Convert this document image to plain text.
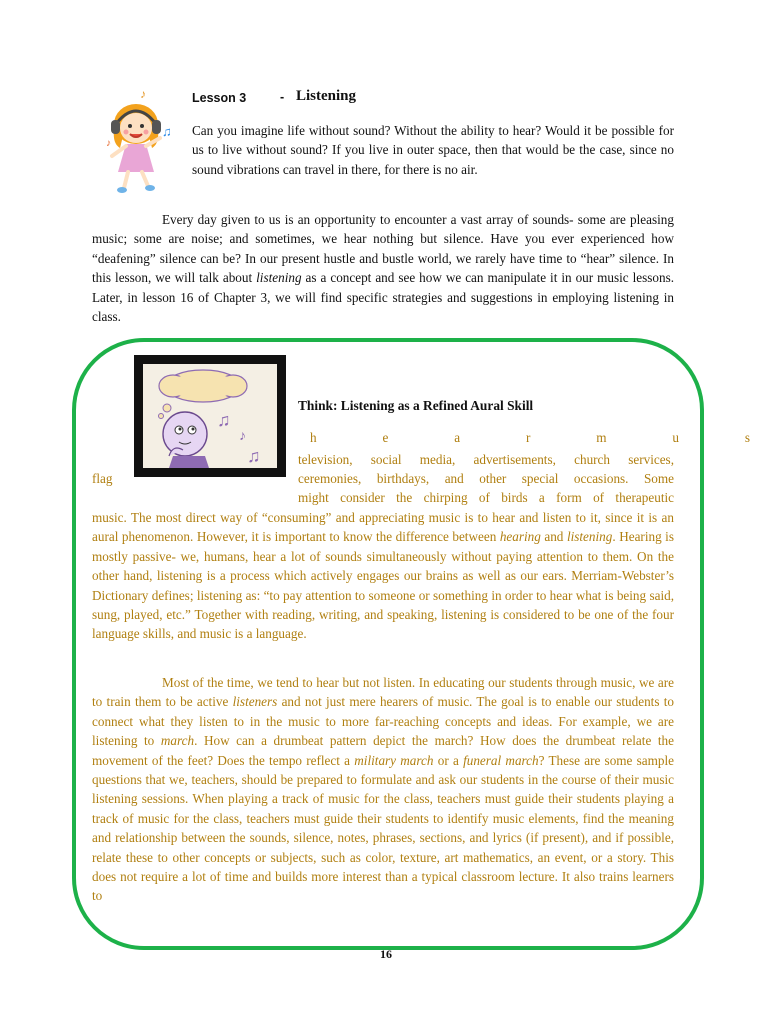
♪
♫
♪
Lesson 3	- Listening

Can you imagine life without sound? Without the ability to hear? Would it be possible for us to live without sound? If you live in outer space, then that would be the case, since no sound vibrations can travel in there, for there is no air.

Every day given to us is an opportunity to encounter a vast array of sounds- some are pleasing music; some are noise; and sometimes, we hear nothing but silence. Have you ever experienced how “deafening” silence can be? In our present hustle and bustle world, we rarely have time to “hear” silence. In this lesson, we will talk about listening as a concept and see how we can manipulate it in our music lessons. Later, in lesson 16 of Chapter 3, we will find specific strategies and suggestions in employing listening in class.

♫
♪
♫
Think: Listening as a Refined Aural Skill
h	e	a	r	m	u	s
television, social media, advertisements, church services,
flag	ceremonies, birthdays, and other special occasions. Some
might consider the chirping of birds a form of therapeutic

music. The most direct way of “consuming” and appreciating music is to hear and listen to it, since it is an aural phenomenon. However, it is important to know the difference between hearing and listening. Hearing is mostly passive- we, humans, hear a lot of sounds simultaneously without paying attention to them. On the other hand, listening is a process which actively engages our brains as well as our ears. Merriam-Webster’s Dictionary defines; listening as: “to pay attention to someone or something in order to hear what is being said, sung, played, etc.” Together with reading, writing, and speaking, listening is considered to be one of the four language skills, and music is a language.

Most of the time, we tend to hear but not listen. In educating our students through music, we are to train them to be active listeners and not just mere hearers of music. The goal is to enable our students to connect what they listen to in the music to more far-reaching concepts and ideas. For example, we are listening to march. How can a drumbeat pattern depict the march? How does the drumbeat relate the movement of the feet? Does the tempo reflect a military march or a funeral march? These are some sample questions that we, teachers, should be prepared to formulate and ask our students in the course of their music listening sessions. When playing a track of music for the class, teachers must guide their students playing a track of music for the class, teachers must guide their students to identify music elements, find the meaning and relationship between the sounds, silence, notes, phrases, sections, and lyrics (if present), and if possible, relate these to other concepts or subjects, such as color, texture, art mathematics, an event, or a story. This does not require a lot of time and builds more interest than a typical classroom lecture. It also trains learners to

16
